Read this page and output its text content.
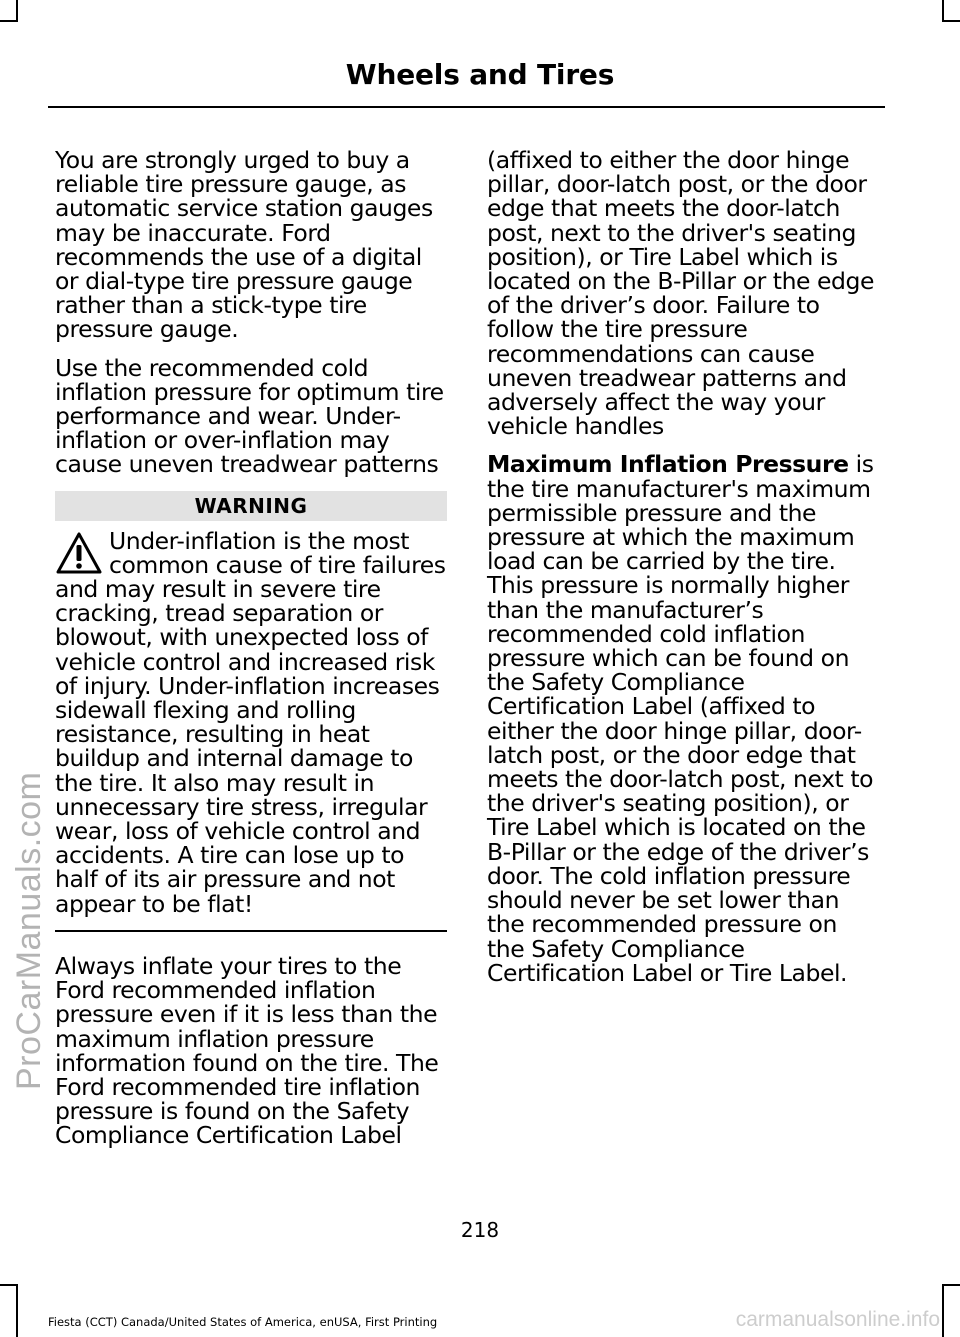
Wheels and Tires

You are strongly urged to buy a reliable tire pressure gauge, as automatic service station gauges may be inaccurate. Ford recommends the use of a digital or dial-type tire pressure gauge rather than a stick-type tire pressure gauge.

Use the recommended cold inflation pressure for optimum tire performance and wear. Under-inflation or over-inflation may cause uneven treadwear patterns

WARNING
Under-inflation is the most common cause of tire failures and may result in severe tire cracking, tread separation or blowout, with unexpected loss of vehicle control and increased risk of injury. Under-inflation increases sidewall flexing and rolling resistance, resulting in heat buildup and internal damage to the tire. It also may result in unnecessary tire stress, irregular wear, loss of vehicle control and accidents. A tire can lose up to half of its air pressure and not appear to be flat!

Always inflate your tires to the Ford recommended inflation pressure even if it is less than the maximum inflation pressure information found on the tire. The Ford recommended tire inflation pressure is found on the Safety Compliance Certification Label

(affixed to either the door hinge pillar, door-latch post, or the door edge that meets the door-latch post, next to the driver's seating position), or Tire Label which is located on the B-Pillar or the edge of the driver’s door. Failure to follow the tire pressure recommendations can cause uneven treadwear patterns and adversely affect the way your vehicle handles

Maximum Inflation Pressure is the tire manufacturer's maximum permissible pressure and the pressure at which the maximum load can be carried by the tire. This pressure is normally higher than the manufacturer’s recommended cold inflation pressure which can be found on the Safety Compliance Certification Label (affixed to either the door hinge pillar, door-latch post, or the door edge that meets the door-latch post, next to the driver's seating position), or Tire Label which is located on the B-Pillar or the edge of the driver’s door. The cold inflation pressure should never be set lower than the recommended pressure on the Safety Compliance Certification Label or Tire Label.

218
Fiesta (CCT) Canada/United States of America, enUSA, First Printing
ProCarManuals.com
carmanualsonline.info
